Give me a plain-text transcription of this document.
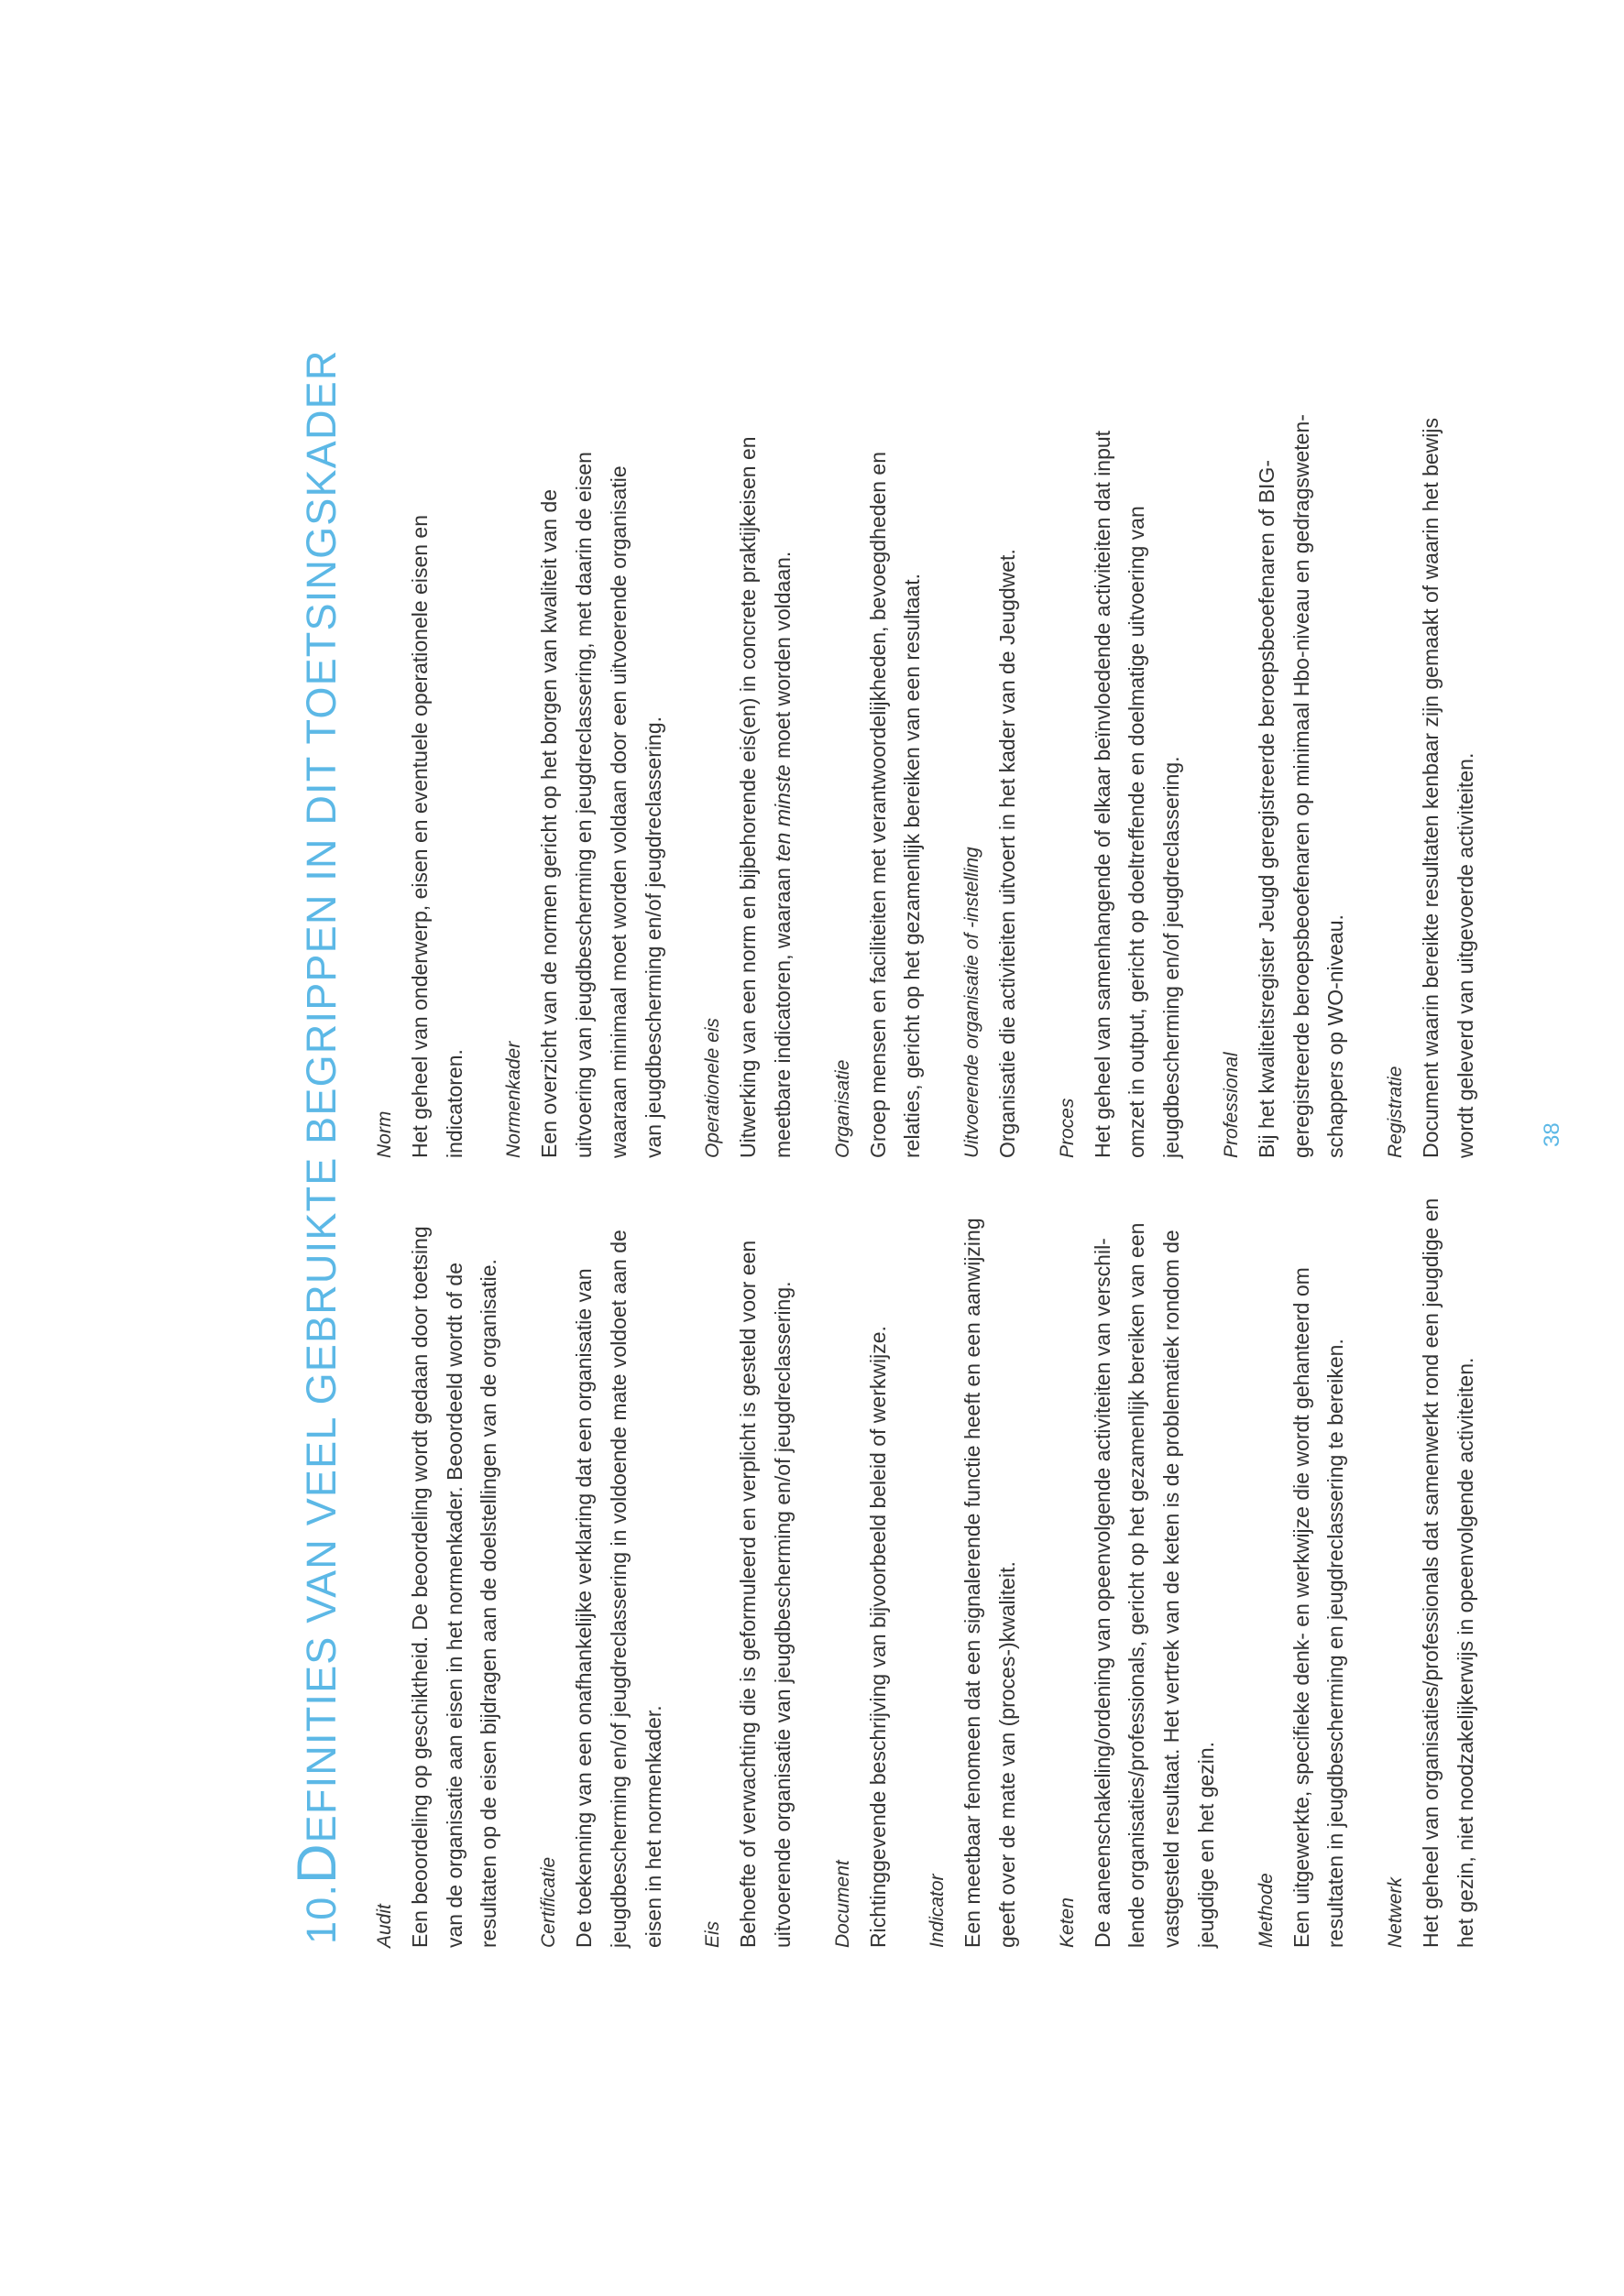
10.DEFINITIES VAN VEEL GEBRUIKTE BEGRIPPEN IN DIT TOETSINGSKADER
Audit Een beoordeling op geschiktheid. De beoordeling wordt gedaan door toetsing van de organisatie aan eisen in het normenkader. Beoordeeld wordt of de resultaten op de eisen bijdragen aan de doelstellingen van de organisatie.	Certificatie De toekenning van een onafhankelijke verklaring dat een organisatie van jeugdbescherming en/of jeugdreclassering in voldoende mate voldoet aan de eisen in het normenkader.	Eis Behoefte of verwachting die is geformuleerd en verplicht is gesteld voor een uitvoerende organisatie van jeugdbescherming en/of jeugdreclassering.	Document Richtinggevende beschrijving van bijvoorbeeld beleid of werkwijze.	Indicator Een meetbaar fenomeen dat een signalerende functie heeft en een aanwijzing geeft over de mate van (proces-)kwaliteit.	Keten De aaneenschakeling/ordening van opeenvolgende activiteiten van verschil- lende organisaties/professionals, gericht op het gezamenlijk bereiken van een vastgesteld resultaat. Het vertrek van de keten is de problematiek rondom de jeugdige en het gezin.	Methode Een uitgewerkte, specifieke denk- en werkwijze die wordt gehanteerd om resultaten in jeugdbescherming en jeugdreclassering te bereiken.	Netwerk Het geheel van organisaties/professionals dat samenwerkt rond een jeugdige en het gezin, niet noodzakelijkerwijs in opeenvolgende activiteiten.
Norm Het geheel van onderwerp, eisen en eventuele operationele eisen en indicatoren.	Normenkader Een overzicht van de normen gericht op het borgen van kwaliteit van de uitvoering van jeugdbescherming en jeugdreclassering, met daarin de eisen waaraan minimaal moet worden voldaan door een uitvoerende organisatie van jeugdbescherming en/of jeugdreclassering.	Operationele eis Uitwerking van een norm en bijbehorende eis(en) in concrete praktijkeisen en meetbare indicatoren, waaraan ten minste moet worden voldaan.
Organisatie Groep mensen en faciliteiten met verantwoordelijkheden, bevoegdheden en relaties, gericht op het gezamenlijk bereiken van een resultaat.	Uitvoerende organisatie of -instelling Organisatie die activiteiten uitvoert in het kader van de Jeugdwet.	Proces Het geheel van samenhangende of elkaar beïnvloedende activiteiten dat input omzet in output, gericht op doeltreffende en doelmatige uitvoering van jeugdbescherming en/of jeugdreclassering.	Professional Bij het kwaliteitsregister Jeugd geregistreerde beroepsbeoefenaren of BIG- geregistreerde beroepsbeoefenaren op minimaal Hbo-niveau en gedragsweten- schappers op WO-niveau.	Registratie Document waarin bereikte resultaten kenbaar zijn gemaakt of waarin het bewijs wordt geleverd van uitgevoerde activiteiten.	38
